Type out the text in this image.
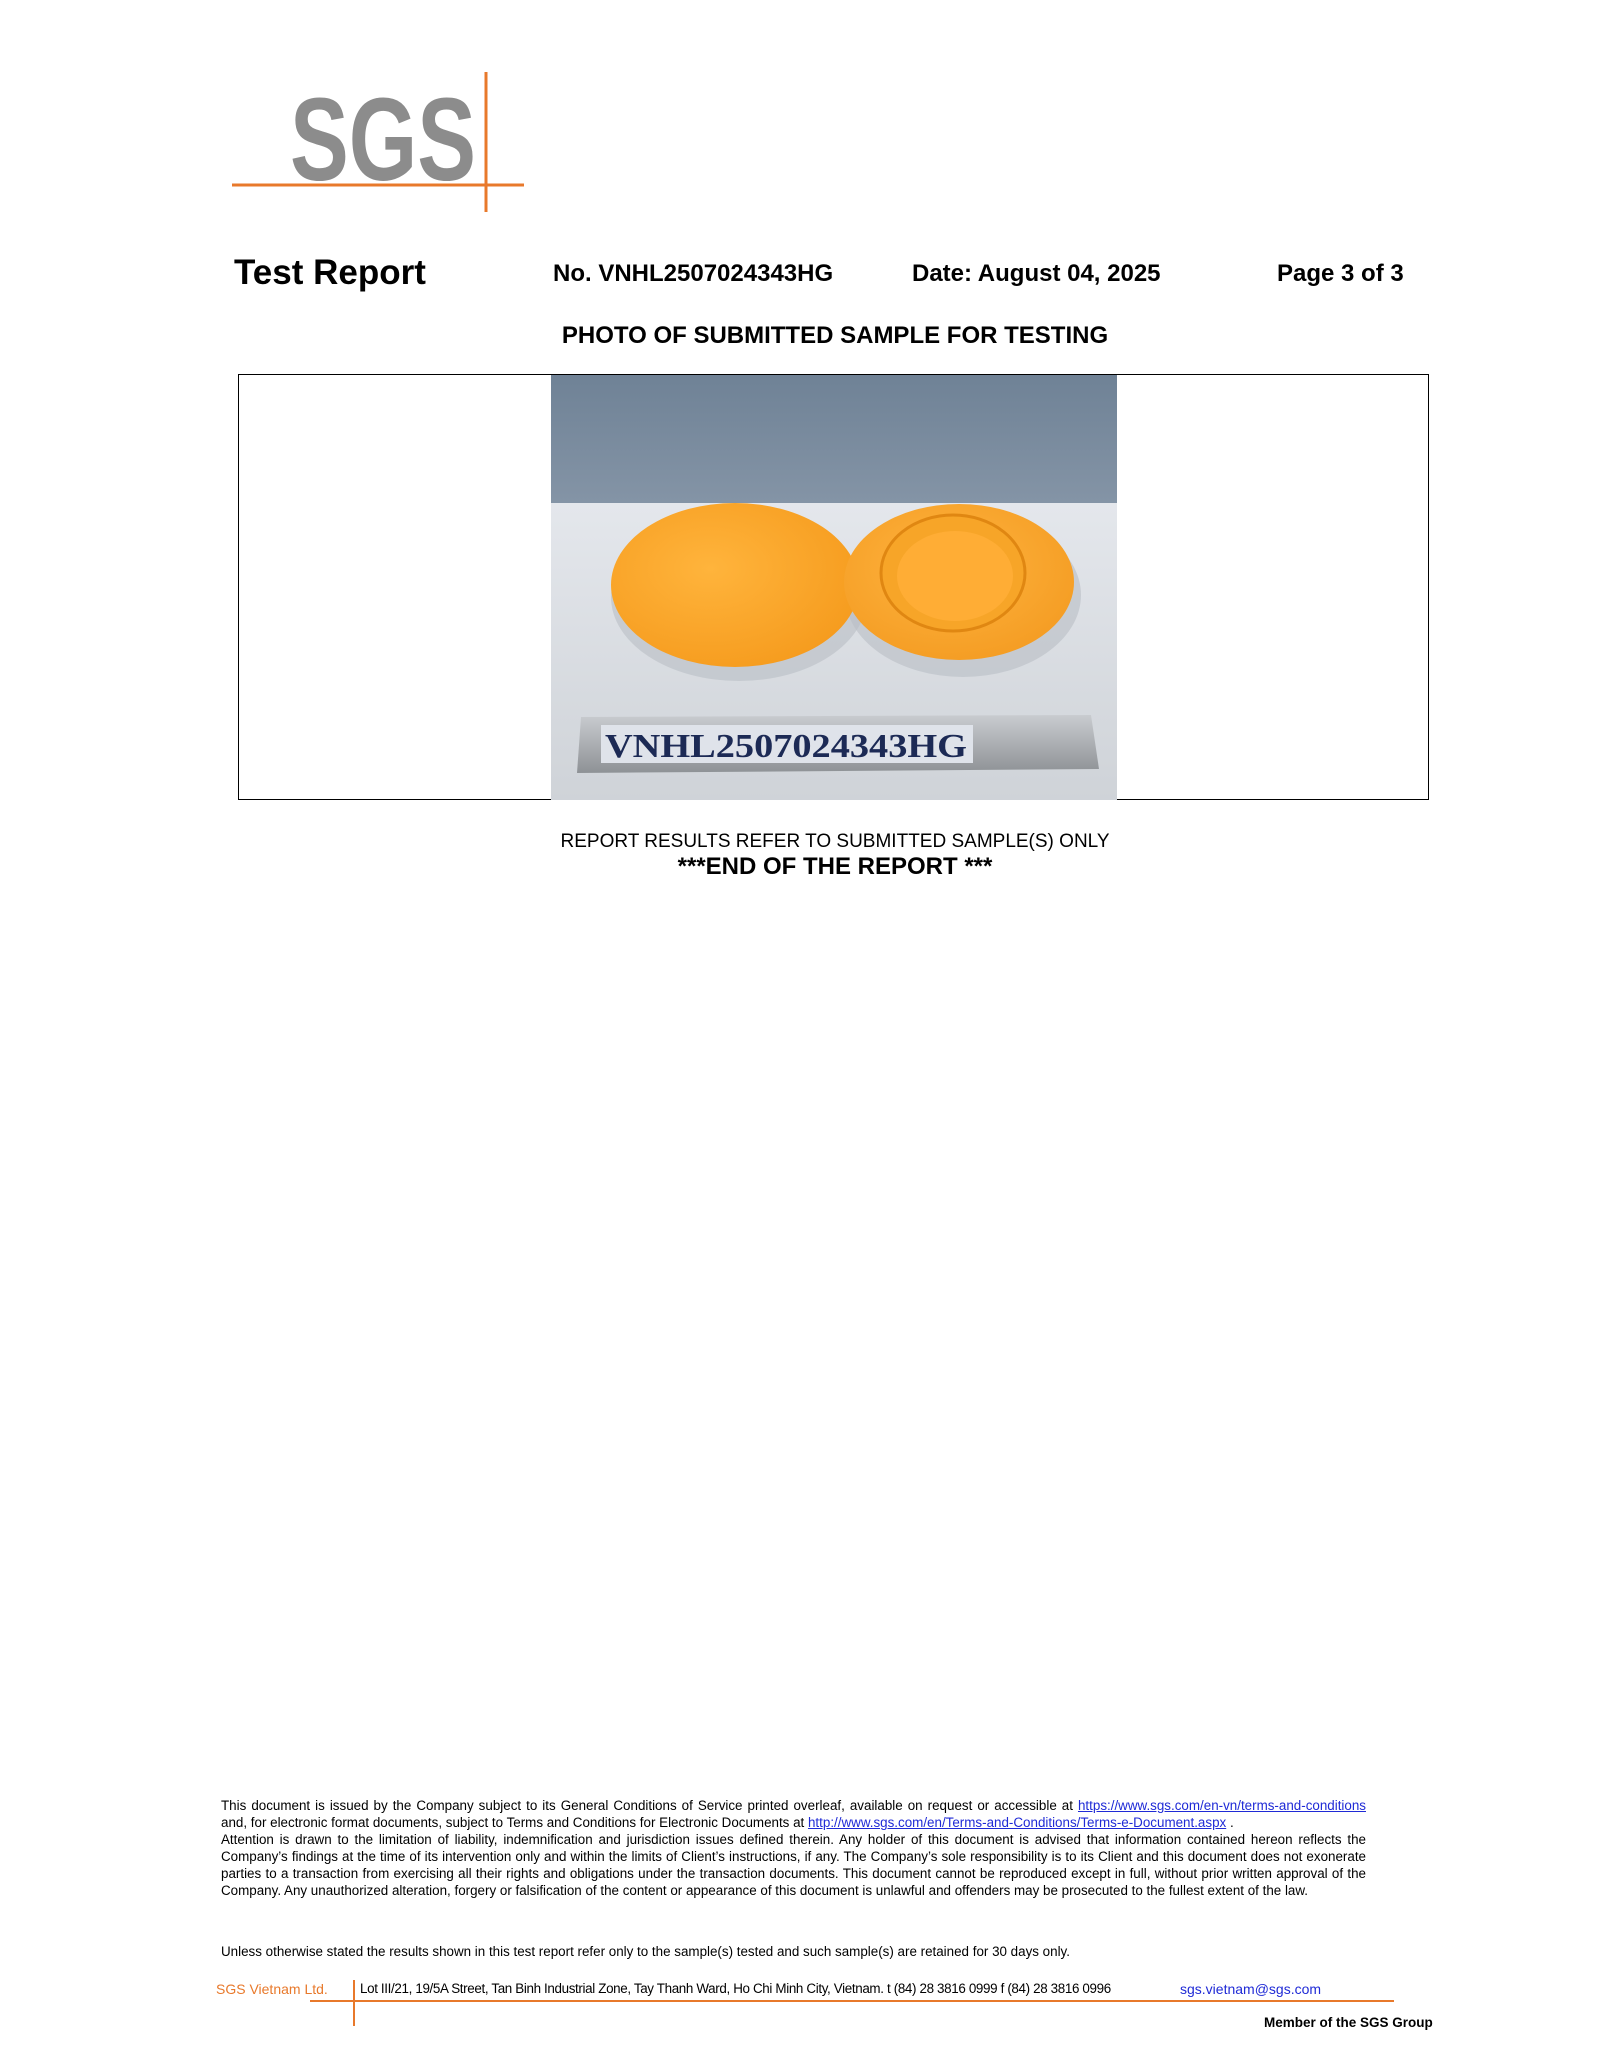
SGS
Test Report	No. VNHL2507024343HG	Date: August 04, 2025	Page 3 of 3
PHOTO OF SUBMITTED SAMPLE FOR TESTING
VNHL2507024343HG
REPORT RESULTS REFER TO SUBMITTED SAMPLE(S) ONLY
***END OF THE REPORT ***
This document is issued by the Company subject to its General Conditions of Service printed overleaf, available on request or accessible at https://www.sgs.com/en-vn/terms-and-conditions and, for electronic format documents, subject to Terms and Conditions for Electronic Documents at http://www.sgs.com/en/Terms-and-Conditions/Terms-e-Document.aspx .
Attention is drawn to the limitation of liability, indemnification and jurisdiction issues defined therein. Any holder of this document is advised that information contained hereon reflects the Company’s findings at the time of its intervention only and within the limits of Client’s instructions, if any. The Company’s sole responsibility is to its Client and this document does not exonerate parties to a transaction from exercising all their rights and obligations under the transaction documents. This document cannot be reproduced except in full, without prior written approval of the Company. Any unauthorized alteration, forgery or falsification of the content or appearance of this document is unlawful and offenders may be prosecuted to the fullest extent of the law.
Unless otherwise stated the results shown in this test report refer only to the sample(s) tested and such sample(s) are retained for 30 days only.
SGS Vietnam Ltd. Lot III/21, 19/5A Street, Tan Binh Industrial Zone, Tay Thanh Ward, Ho Chi Minh City, Vietnam. t (84) 28 3816 0999 f (84) 28 3816 0996	sgs.vietnam@sgs.com
Member of the SGS Group
